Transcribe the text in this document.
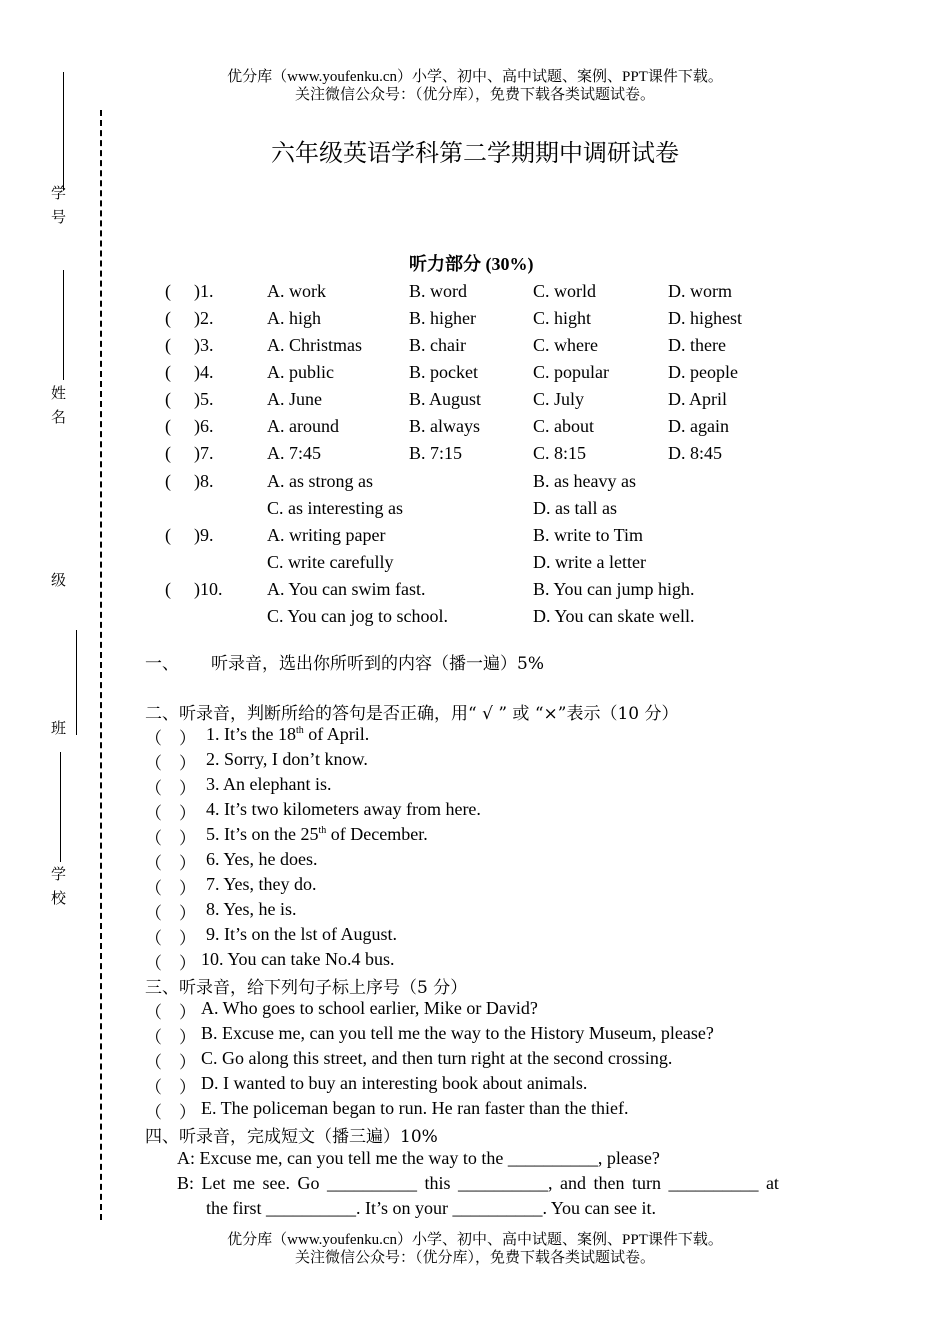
优分库（www.youfenku.cn）小学、初中、高中试题、案例、PPT课件下载。
关注微信公众号：（优分库），免费下载各类试题试卷。
学 号
姓 名
级
班
学 校
六年级英语学科第二学期期中调研试卷
听力部分 (30%)
( )1.	A. work	B. word	C. world	D. worm
( )2.	A. high	B. higher	C. hight	D. highest
( )3.	A. Christmas	B. chair	C. where	D. there
( )4.	A. public	B. pocket	C. popular	D. people
( )5.	A. June	B. August	C. July	D. April
( )6.	A. around	B. always	C. about	D. again
( )7.	A. 7:45	B. 7:15	C. 8:15	D. 8:45
( )8.	A. as strong as	B. as heavy as
C. as interesting as	D. as tall as
( )9.	A. writing paper	B. write to Tim
C. write carefully	D. write a letter
( )10. A. You can swim fast.	B. You can jump high.
C. You can jog to school.	D. You can skate well.
一、 听录音，选出你所听到的内容（播一遍）5%
二、听录音，判断所给的答句是否正确，用“ √ ” 或 “×”表示（10 分）
（　） 1. It’s the 18th of April.
（　） 2. Sorry, I don’t know.
（　） 3. An elephant is.
（　） 4. It’s two kilometers away from here.
（　） 5. It’s on the 25th of December.
（　） 6. Yes, he does.
（　） 7. Yes, they do.
（　） 8. Yes, he is.
（　） 9. It’s on the lst of August.
（　） 10. You can take No.4 bus.
三、听录音，给下列句子标上序号（5 分）
（　） A. Who goes to school earlier, Mike or David?
（　） B. Excuse me, can you tell me the way to the History Museum, please?
（　） C. Go along this street, and then turn right at the second crossing.
（　） D. I wanted to buy an interesting book about animals.
（　） E. The policeman began to run. He ran faster than the thief.
四、听录音，完成短文（播三遍）10%
A: Excuse me, can you tell me the way to the __________, please?
B: Let me see. Go __________ this __________, and then turn __________ at
the first __________. It’s on your __________. You can see it.
优分库（www.youfenku.cn）小学、初中、高中试题、案例、PPT课件下载。
关注微信公众号：（优分库），免费下载各类试题试卷。
